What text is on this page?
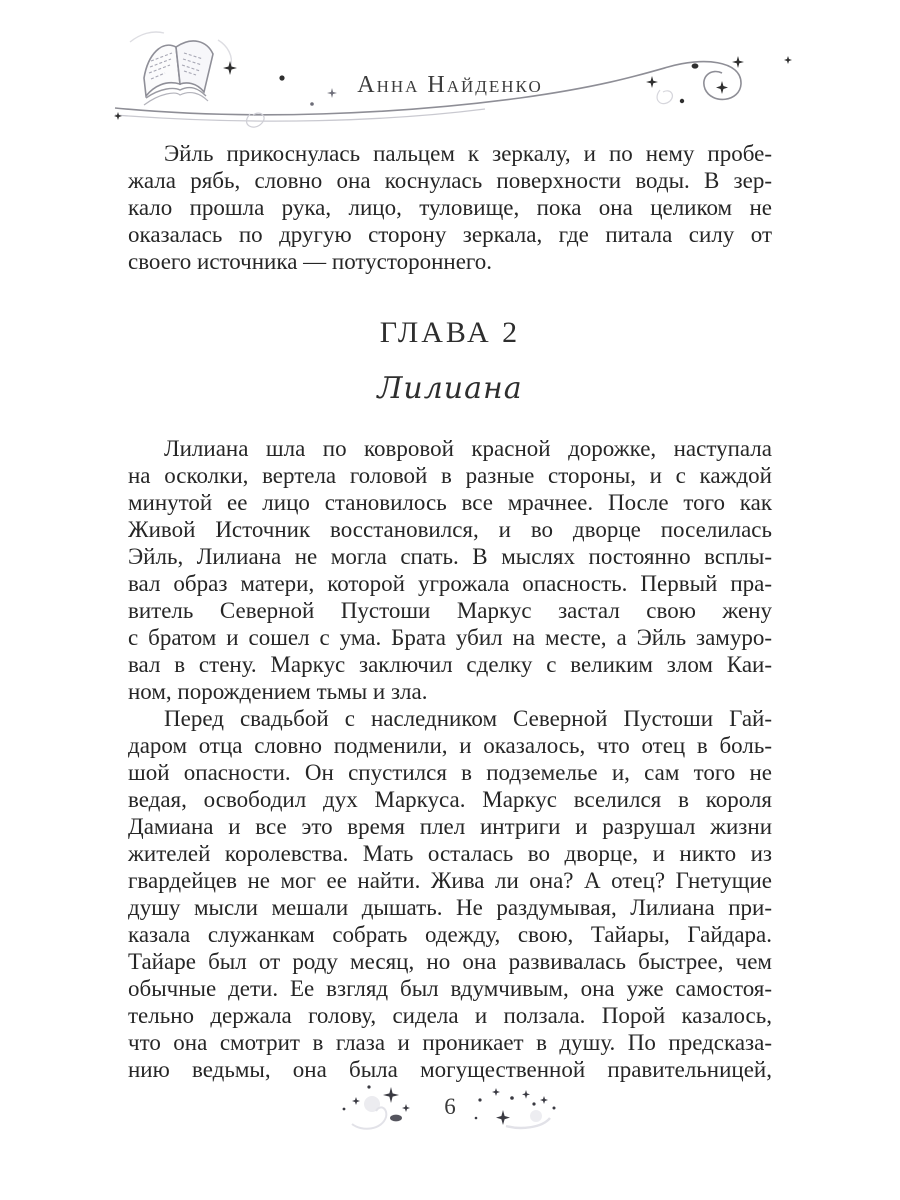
Анна Найденко
Эйль прикоснулась пальцем к зеркалу, и по нему пробе-
жала рябь, словно она коснулась поверхности воды. В зер-
кало прошла рука, лицо, туловище, пока она целиком не
оказалась по другую сторону зеркала, где питала силу от
своего источника — потустороннего.
ГЛАВА 2
Лилиана
Лилиана шла по ковровой красной дорожке, наступала
на осколки, вертела головой в разные стороны, и с каждой
минутой ее лицо становилось все мрачнее. После того как
Живой Источник восстановился, и во дворце поселилась
Эйль, Лилиана не могла спать. В мыслях постоянно всплы-
вал образ матери, которой угрожала опасность. Первый пра-
витель Северной Пустоши Маркус застал свою жену
с братом и сошел с ума. Брата убил на месте, а Эйль замуро-
вал в стену. Маркус заключил сделку с великим злом Каи-
ном, порождением тьмы и зла.
Перед свадьбой с наследником Северной Пустоши Гай-
даром отца словно подменили, и оказалось, что отец в боль-
шой опасности. Он спустился в подземелье и, сам того не
ведая, освободил дух Маркуса. Маркус вселился в короля
Дамиана и все это время плел интриги и разрушал жизни
жителей королевства. Мать осталась во дворце, и никто из
гвардейцев не мог ее найти. Жива ли она? А отец? Гнетущие
душу мысли мешали дышать. Не раздумывая, Лилиана при-
казала служанкам собрать одежду, свою, Тайары, Гайдара.
Тайаре был от роду месяц, но она развивалась быстрее, чем
обычные дети. Ее взгляд был вдумчивым, она уже самостоя-
тельно держала голову, сидела и ползала. Порой казалось,
что она смотрит в глаза и проникает в душу. По предсказа-
нию ведьмы, она была могущественной правительницей,
6
